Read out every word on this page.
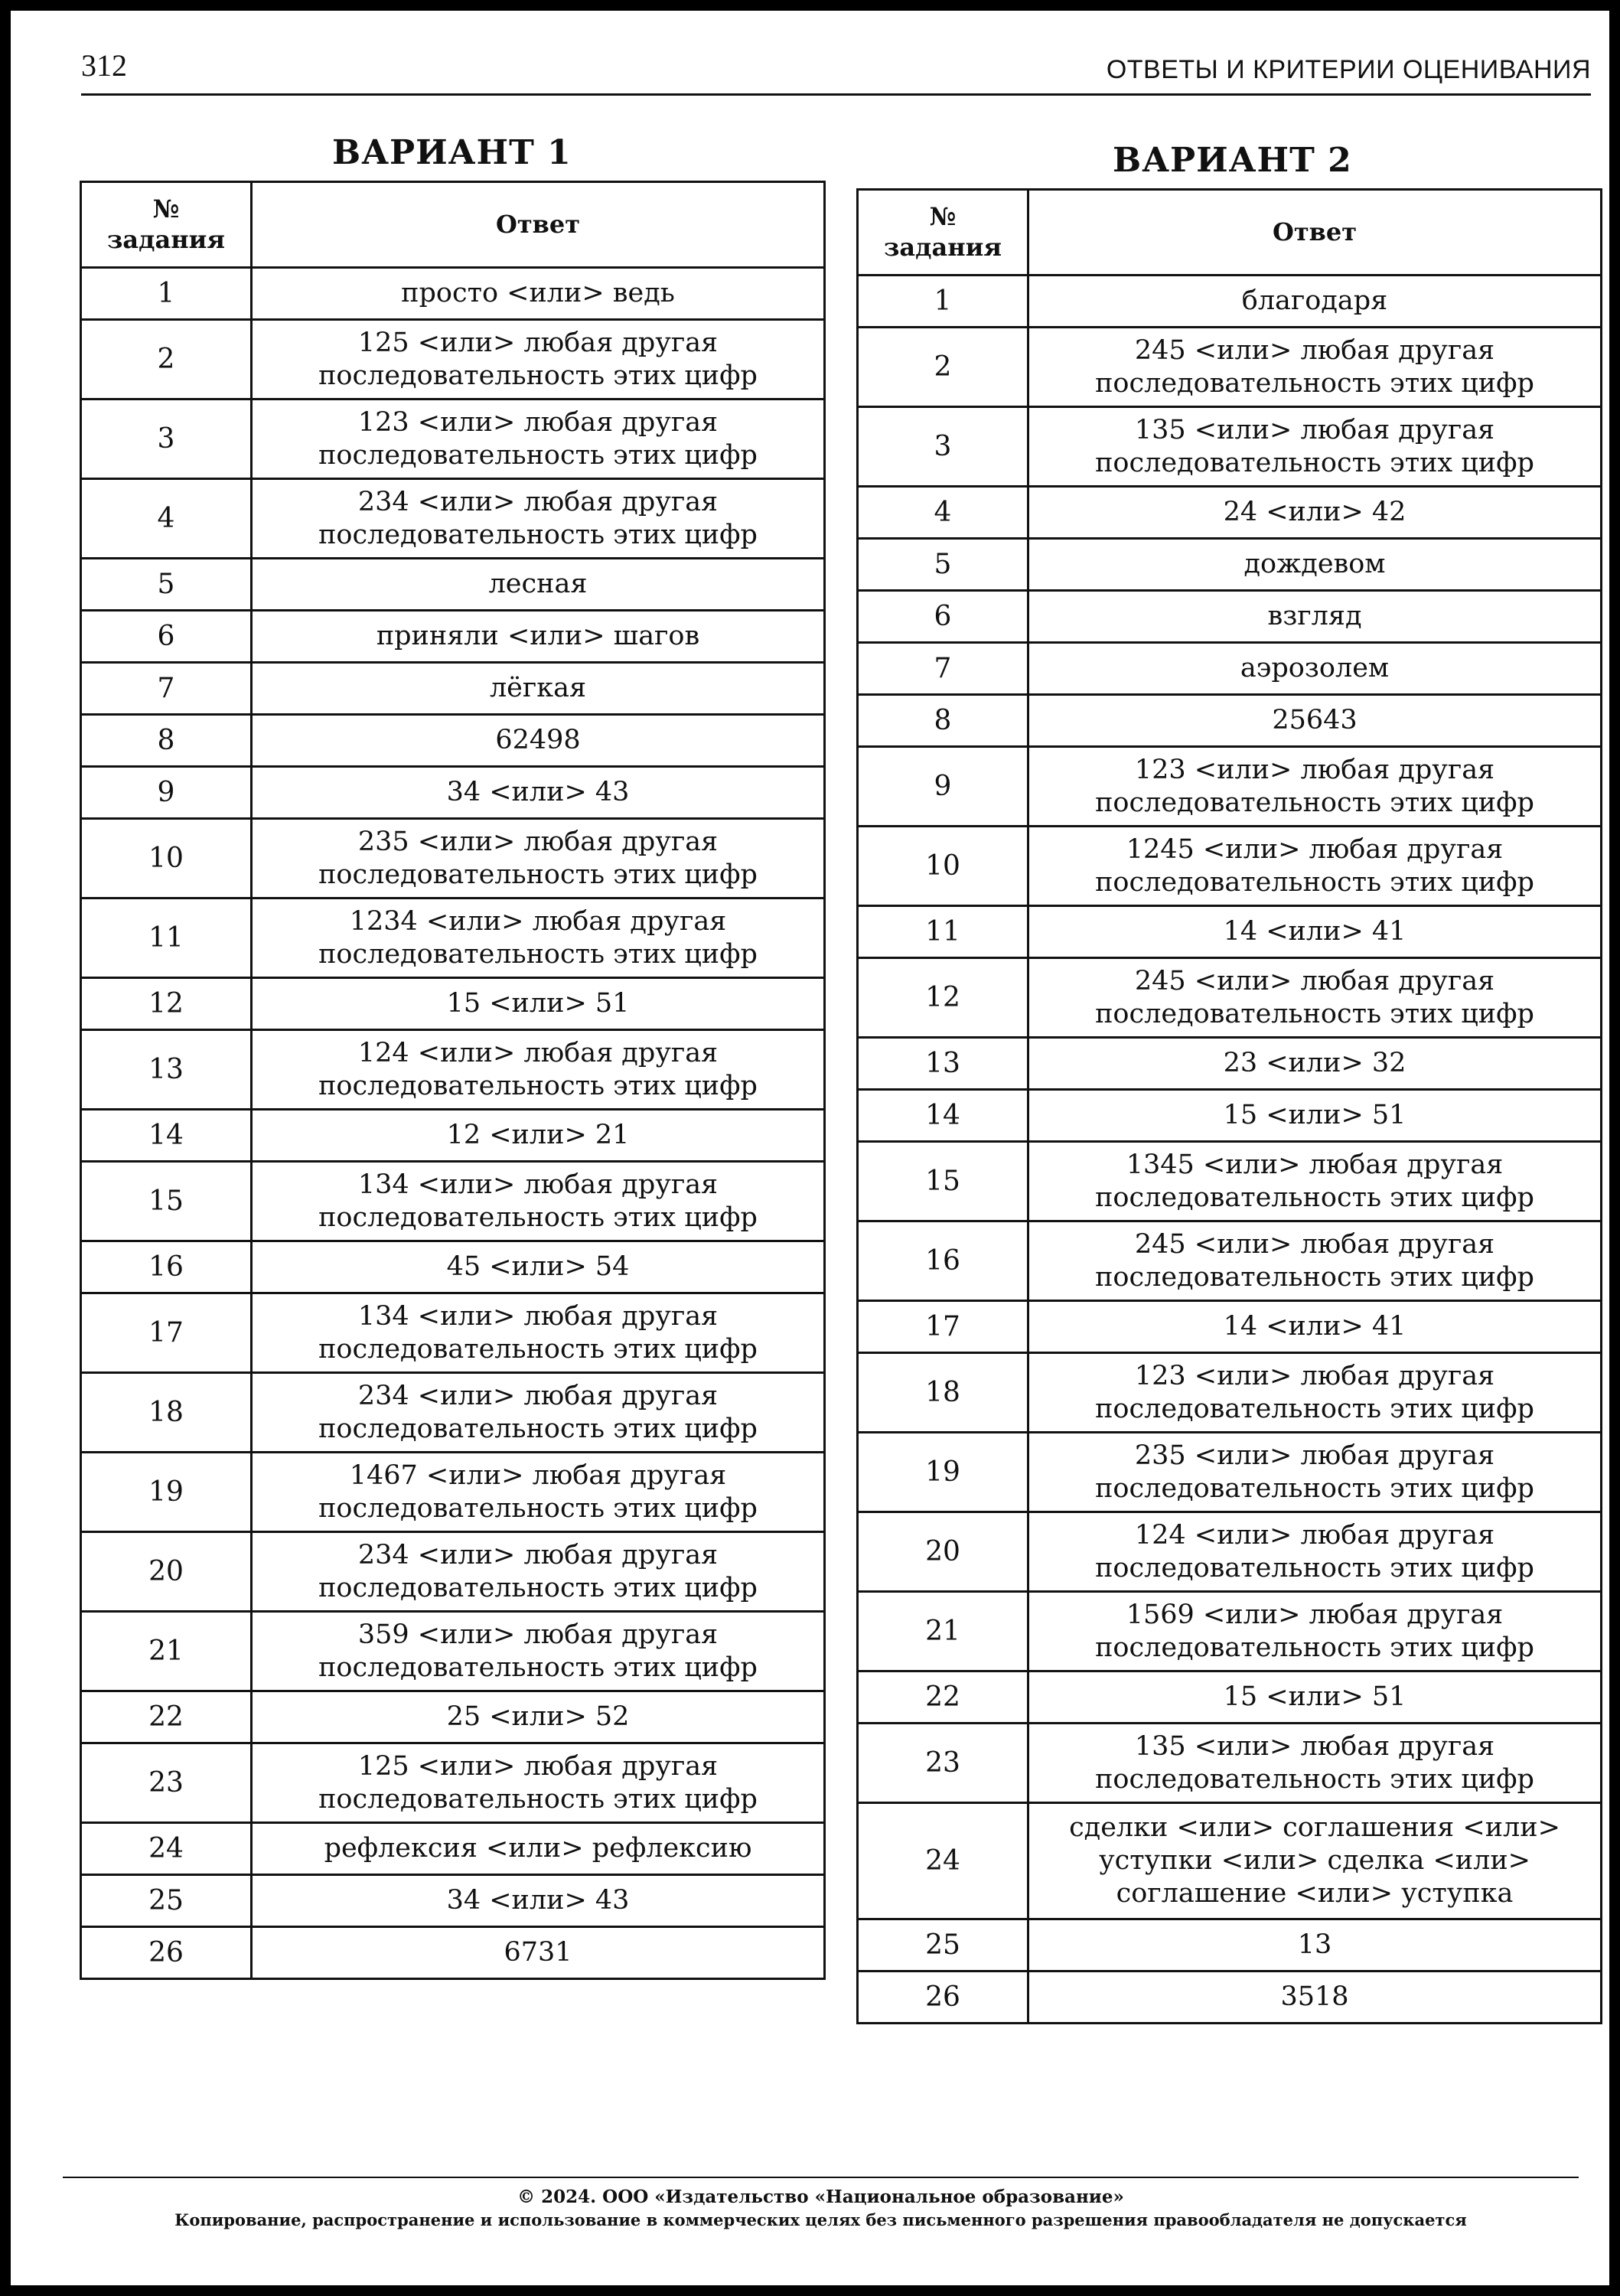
312	ОТВЕТЫ И КРИТЕРИИ ОЦЕНИВАНИЯ
ВАРИАНТ 1	ВАРИАНТ 2
№
задания	Ответ
1	просто <или> ведь

2	125 <или> любая другая
последовательность этих цифр

3	123 <или> любая другая
последовательность этих цифр

4	234 <или> любая другая
последовательность этих цифр

5	лесная

6	приняли <или> шагов

7	лёгкая

8	62498

9	34 <или> 43

10	235 <или> любая другая
последовательность этих цифр

11	1234 <или> любая другая
последовательность этих цифр

12	15 <или> 51

13	124 <или> любая другая
последовательность этих цифр

14	12 <или> 21

15	134 <или> любая другая
последовательность этих цифр

16	45 <или> 54

17	134 <или> любая другая
последовательность этих цифр

18	234 <или> любая другая
последовательность этих цифр

19	1467 <или> любая другая
последовательность этих цифр

20	234 <или> любая другая
последовательность этих цифр

21	359 <или> любая другая
последовательность этих цифр

22	25 <или> 52

23	125 <или> любая другая
последовательность этих цифр

24	рефлексия <или> рефлексию

25	34 <или> 43

26	6731
№
задания	Ответ
1	благодаря

2	245 <или> любая другая
последовательность этих цифр

3	135 <или> любая другая
последовательность этих цифр

4	24 <или> 42

5	дождевом

6	взгляд

7	аэрозолем

8	25643

9	123 <или> любая другая
последовательность этих цифр

10	1245 <или> любая другая
последовательность этих цифр

11	14 <или> 41

12	245 <или> любая другая
последовательность этих цифр

13	23 <или> 32

14	15 <или> 51

15	1345 <или> любая другая
последовательность этих цифр

16	245 <или> любая другая
последовательность этих цифр

17	14 <или> 41

18	123 <или> любая другая
последовательность этих цифр

19	235 <или> любая другая
последовательность этих цифр

20	124 <или> любая другая
последовательность этих цифр

21	1569 <или> любая другая
последовательность этих цифр

22	15 <или> 51

23	135 <или> любая другая
последовательность этих цифр

24	сделки <или> соглашения <или>
уступки <или> сделка <или>
соглашение <или> уступка

25	13

26	3518
© 2024. ООО «Издательство «Национальное образование»
Копирование, распространение и использование в коммерческих целях без письменного разрешения правообладателя не допускается
